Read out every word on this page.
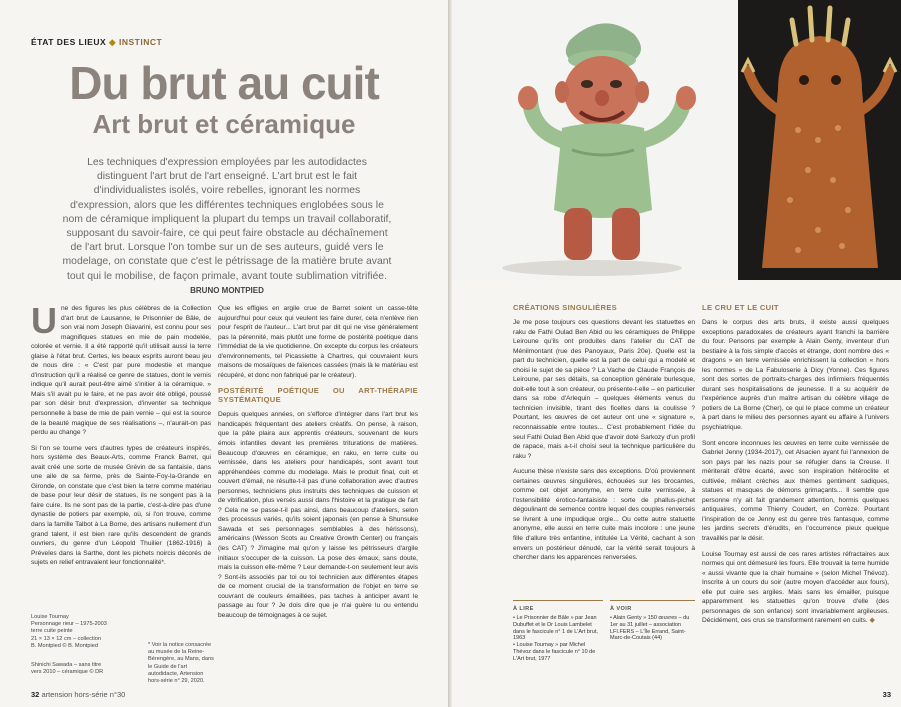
ÉTAT DES LIEUX ◆ INSTINCT
Du brut au cuit
Art brut et céramique
Les techniques d'expression employées par les autodidactes distinguent l'art brut de l'art enseigné. L'art brut est le fait d'individualistes isolés, voire rebelles, ignorant les normes d'expression, alors que les différentes techniques englobées sous le nom de céramique impliquent la plupart du temps un travail collaboratif, supposant du savoir-faire, ce qui peut faire obstacle au déchaînement de l'art brut. Lorsque l'on tombe sur un de ses auteurs, guidé vers le modelage, on constate que c'est le pétrissage de la matière brute avant tout qui le mobilise, de façon primale, avant toute sublimation vitrifiée. BRUNO MONTPIED

Une des figures les plus célèbres de la Collection d'art brut de Lausanne, le Prisonnier de Bâle, de son vrai nom Joseph Giavarini, est connu pour ses magnifiques statues en mie de pain modelée, colorée et vernie. Il a été rapporté qu'il utilisait aussi la terre glaise à l'état brut. Certes, les beaux esprits auront beau jeu de nous dire : « C'est par pure modestie et manque d'instruction qu'il a réalisé ce genre de statues, dont le vernis indique qu'il aurait peut-être aimé s'initier à la céramique. » Mais s'il avait pu le faire, et ne pas avoir été obligé, poussé par son désir brut d'expression, d'inventer sa technique personnelle à base de mie de pain vernie – qui est la source de la beauté magique de ses réalisations –, n'aurait-on pas perdu au change ?

Si l'on se tourne vers d'autres types de créateurs inspirés, hors système des Beaux-Arts, comme Franck Barret, qui avait créé une sorte de musée Grévin de sa fantaisie, dans une aile de sa ferme, près de Sainte-Foy-la-Grande en Gironde, on constate que c'est bien la terre comme matériau de base pour leur désir de statues, ils ne songent pas à la faire cuire. Ils ne sont pas de la partie, c'est-à-dire pas d'une dynastie de potiers par exemple, où, si l'on trouve, comme dans la famille Talbot à La Borne, des artisans nullement d'un grand talent, il est bien rare qu'ils descendent de grands ouvriers, du genre d'un Léopold Thuilier (1862-1916) à Préveles dans la Sarthe, dont les pichets noircis décorés de sujets en relief entravaient leur fonctionnalité*.

Que les effigies en argile crue de Barret soient un casse-tête aujourd'hui pour ceux qui veulent les faire durer, cela n'enlève rien pour l'esprit de l'auteur... L'art brut par dit qui ne vise généralement pas la pérennité, mais plutôt une forme de postérité poétique dans l'immédiat de la vie quotidienne. On excepte du corpus les créateurs d'environnements, tel Picassiette à Chartres, qui couvraient leurs maisons de mosaïques de faïences cassées (mais là le matériau est récupéré, et donc non fabriqué par le créateur).

POSTÉRITÉ POÉTIQUE OU ART-THÉRAPIE SYSTÉMATIQUE

Depuis quelques années, on s'efforce d'intégrer dans l'art brut les handicapés fréquentant des ateliers créatifs. On pense, à raison, que la pâte plaira aux apprentis créateurs, souvenant de leurs émois infantiles devant les premières triturations de matières. Beaucoup d'œuvres en céramique, en raku, en terre cuite ou vernissée, dans les ateliers pour handicapés, sont avant tout appréhendées comme du modelage. Mais le produit final, cuit et couvert d'émail, ne résulte-t-il pas d'une collaboration avec d'autres personnes, techniciens plus instruits des techniques de cuisson et de vitrification, plus versés aussi dans l'histoire et la pratique de l'art ? Cela ne se passe-t-il pas ainsi, dans beaucoup d'ateliers, selon des processus variés, qu'ils soient japonais (en pense à Shunsuke Sawada et ses personnages semblables à des hérissons), américains (Wesson Scots au Creative Growth Center) ou français (les CAT) ? J'imagine mal qu'on y laisse les pétrisseurs d'argile initiaux s'occuper de la cuisson. La pose des émaux, sans doute, mais la cuisson elle-même ? Leur demande-t-on seulement leur avis ? Sont-ils associés par toi ou toi technicien aux différentes étapes de ce moment crucial de la transformation de l'objet en terre se couvrant de couleurs émaillées, pas taches à anticiper avant le passage au four ? Je dois dire que je n'ai guère lu ou entendu beaucoup de témoignages à ce sujet.

Louise Tournay
Personnage rieur – 1975-2003
terre cuite peinte
21 × 13 × 12 cm – collection
B. Montpied © B. Montpied
Shinichi Sawada – sans titre
vers 2010 – céramique © DR
* Voir la notice consacrée au musée de la Reine-Bérengère, au Mans, dans le Guide de l'art autodidacte, Artension hors-série n° 29, 2020.
32 artension hors-série n°30
CRÉATIONS SINGULIÈRES

Je me pose toujours ces questions devant les statuettes en raku de Fathi Oulad Ben Abid ou les céramiques de Philippe Leiroune qu'ils ont produites dans l'atelier du CAT de Ménilmontant (rue des Panoyaux, Paris 20e). Quelle est la part du technicien, quelle est la part de celui qui a modelé et choisi le sujet de sa pièce ? La Vache de Claude François de Leiroune, par ses détails, sa conception générale burlesque, doit-elle tout à son créateur, ou présente-t-elle – en particulier dans sa robe d'Arlequin – quelques éléments venus du technicien invisible, tirant des ficelles dans la coulisse ? Pourtant, les œuvres de cet auteur ont une « signature », reconnaissable entre toutes... C'est probablement l'idée du seul Fathi Oulad Ben Abid que d'avoir doté Sarkozy d'un profil de rapace, mais a-t-il choisi seul la technique particulière du raku ?

Aucune thèse n'existe sans des exceptions. D'où proviennent certaines œuvres singulières, échouées sur les brocantes, comme cet objet anonyme, en terre cuite vernissée, à l'ostensibilité érotico-fantaisiste : sorte de phallus-pichet dégoulinant de semence contre lequel des couples renversés se livrent à une impudique orgie... Ou cette autre statuette anonyme, elle aussi en terre cuite mais incolore : une jeune fille d'allure très enfantine, intitulée La Vérité, cachant à son envers un postérieur dénudé, car la vérité serait toujours à chercher dans les apparences renversées.

LE CRU ET LE CUIT

Dans le corpus des arts bruts, il existe aussi quelques exceptions paradoxales de créateurs ayant franchi la barrière du four. Pensons par exemple à Alain Genty, inventeur d'un bestiaire à la fois simple d'accès et étrange, dont nombre des « dragons » en terre vernissée enrichissent la collection « hors les normes » de La Fabuloserie à Dicy (Yonne). Ces figures sont des sortes de portraits-charges des infirmiers fréquentés durant ses hospitalisations de jeunesse. Il a su acquérir de l'expérience auprès d'un maître artisan du célèbre village de potiers de La Borne (Cher), ce qui le place comme un créateur à part dans le milieu des personnes ayant eu affaire à l'univers psychiatrique.

Sont encore inconnues les œuvres en terre cuite vernissée de Gabriel Jenny (1934-2017), cet Alsacien ayant fui l'annexion de son pays par les nazis pour se réfugier dans la Creuse. Il mériterait d'être écarté, avec son inspiration hétéroclite et cultivée, mêlant créches aux thèmes gentiment sadiques, statues et masques de démons grimaçants... Il semble que personne n'y ait fait grandement attention, hormis quelques antiquaires, comme Thierry Coudert, en Corrèze. Pourtant l'inspiration de ce Jenny est du genre très fantasque, comme les jardins secrets d'érudits, en l'occurrence pieux quelque travaillés par le désir.

Louise Tournay est aussi de ces rares artistes réfractaires aux normes qui ont démesuré les fours. Elle trouvait la terre humide « aussi vivante que la chair humaine » (selon Michel Thévoz). Inscrite à un cours du soir (autre moyen d'accéder aux fours), elle put cuire ses argiles. Mais sans les émailler, puisque apparemment les statuettes qu'on trouve d'elle (des personnages de son enfance) sont invariablement argileuses. Décidément, ces crus se transforment rarement en cuits. ◆

À LIRE
• Le Prisonnier de Bâle » par Jean Dubuffet et le Dr Louis Lambelet dans le fascicule n° 1 de L'Art brut, 1963
• Louise Tournay » par Michel Thévoz dans le fascicule n° 10 de L'Art brut, 1977
À VOIR
• Alain Genty » 150 œuvres – du 1er au 31 juillet – association LFI.FERS – L'Île Errand, Saint-Marc-de-Coutais (44)
33
